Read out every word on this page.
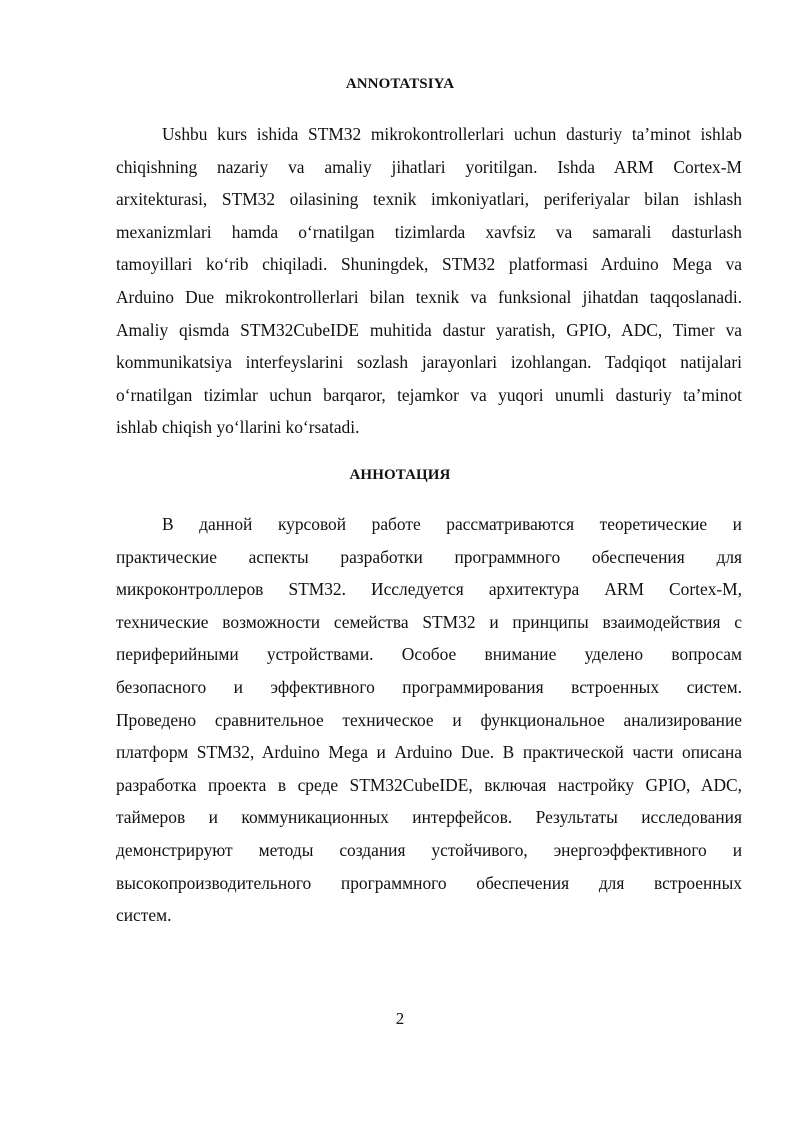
ANNOTATSIYA
Ushbu kurs ishida STM32 mikrokontrollerlari uchun dasturiy ta’minot ishlab
chiqishning nazariy va amaliy jihatlari yoritilgan. Ishda ARM Cortex-M
arxitekturasi, STM32 oilasining texnik imkoniyatlari, periferiyalar bilan ishlash
mexanizmlari hamda o‘rnatilgan tizimlarda xavfsiz va samarali dasturlash
tamoyillari ko‘rib chiqiladi. Shuningdek, STM32 platformasi Arduino Mega va
Arduino Due mikrokontrollerlari bilan texnik va funksional jihatdan taqqoslanadi.
Amaliy qismda STM32CubeIDE muhitida dastur yaratish, GPIO, ADC, Timer va
kommunikatsiya interfeyslarini sozlash jarayonlari izohlangan. Tadqiqot natijalari
o‘rnatilgan tizimlar uchun barqaror, tejamkor va yuqori unumli dasturiy ta’minot
ishlab chiqish yo‘llarini ko‘rsatadi.
АННОТАЦИЯ
В данной курсовой работе рассматриваются теоретические и
практические аспекты разработки программного обеспечения для
микроконтроллеров STM32. Исследуется архитектура ARM Cortex-M,
технические возможности семейства STM32 и принципы взаимодействия с
периферийными устройствами. Особое внимание уделено вопросам
безопасного и эффективного программирования встроенных систем.
Проведено сравнительное техническое и функциональное анализирование
платформ STM32, Arduino Mega и Arduino Due. В практической части описана
разработка проекта в среде STM32CubeIDE, включая настройку GPIO, ADC,
таймеров и коммуникационных интерфейсов. Результаты исследования
демонстрируют методы создания устойчивого, энергоэффективного и
высокопроизводительного программного обеспечения для встроенных
систем.
2
